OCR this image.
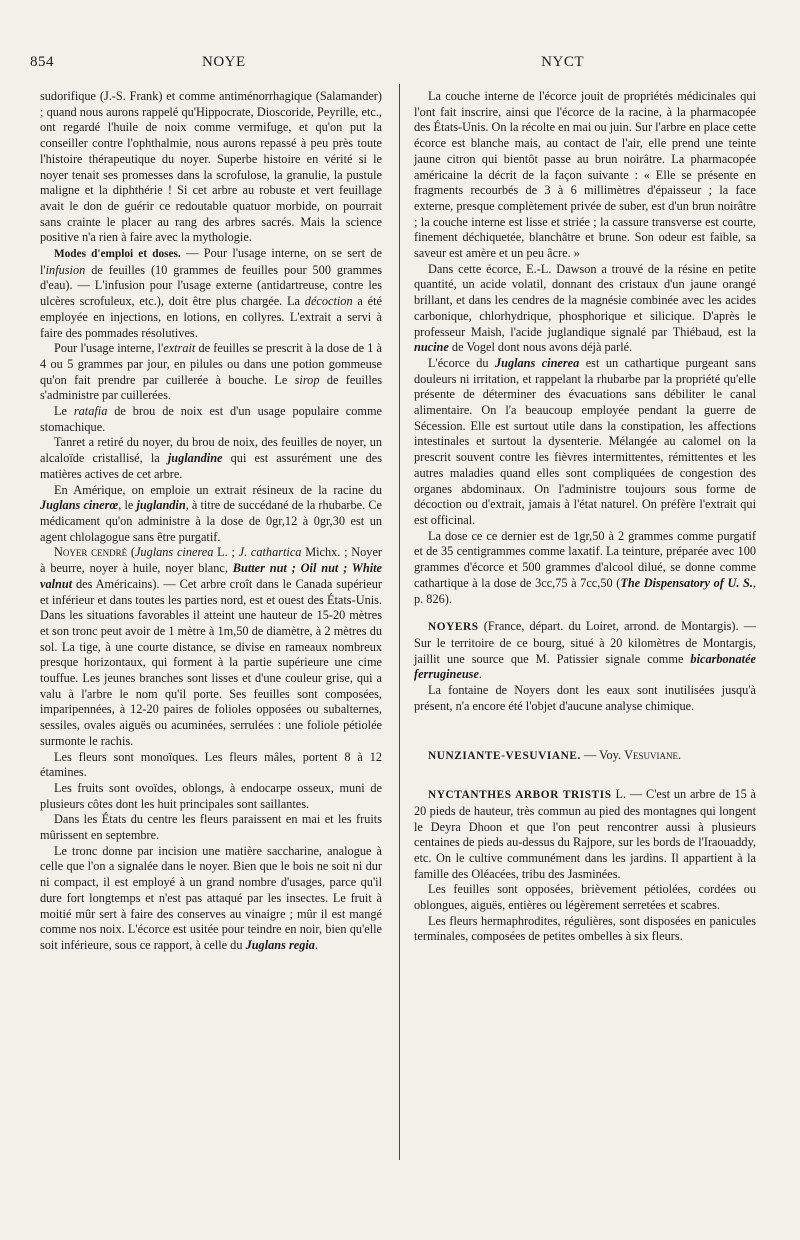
854	NOYE	NYCT

sudorifique (J.-S. Frank) et comme antiménorrhagique (Salamander) ; quand nous aurons rappelé qu'Hippocrate, Dioscoride, Peyrille, etc., ont regardé l'huile de noix comme vermifuge, et qu'on put la conseiller contre l'ophthalmie, nous aurons repassé à peu près toute l'histoire thérapeutique du noyer. Superbe histoire en vérité si le noyer tenait ses promesses dans la scrofulose, la granulie, la pustule maligne et la diphthérie ! Si cet arbre au robuste et vert feuillage avait le don de guérir ce redoutable quatuor morbide, on pourrait sans crainte le placer au rang des arbres sacrés. Mais la science positive n'a rien à faire avec la mythologie.

Modes d'emploi et doses. — Pour l'usage interne, on se sert de l'infusion de feuilles (10 grammes de feuilles pour 500 grammes d'eau). — L'infusion pour l'usage externe (antidartreuse, contre les ulcères scrofuleux, etc.), doit être plus chargée. La décoction a été employée en injections, en lotions, en collyres. L'extrait a servi à faire des pommades résolutives.

Pour l'usage interne, l'extrait de feuilles se prescrit à la dose de 1 à 4 ou 5 grammes par jour, en pilules ou dans une potion gommeuse qu'on fait prendre par cuillerée à bouche. Le sirop de feuilles s'administre par cuillerées.

Le ratafia de brou de noix est d'un usage populaire comme stomachique.

Tanret a retiré du noyer, du brou de noix, des feuilles de noyer, un alcaloïde cristallisé, la juglandine qui est assurément une des matières actives de cet arbre.

En Amérique, on emploie un extrait résineux de la racine du Juglans cinerœ, le juglandin, à titre de succédané de la rhubarbe. Ce médicament qu'on administre à la dose de 0gr,12 à 0gr,30 est un agent chlolagogue sans être purgatif.

Noyer cendré (Juglans cinerea L. ; J. cathartica Michx. ; Noyer à beurre, noyer à huile, noyer blanc, Butter nut ; Oil nut ; White valnut des Américains). — Cet arbre croît dans le Canada supérieur et inférieur et dans toutes les parties nord, est et ouest des États-Unis. Dans les situations favorables il atteint une hauteur de 15-20 mètres et son tronc peut avoir de 1 mètre à 1m,50 de diamètre, à 2 mètres du sol. La tige, à une courte distance, se divise en rameaux nombreux presque horizontaux, qui forment à la partie supérieure une cime touffue. Les jeunes branches sont lisses et d'une couleur grise, qui a valu à l'arbre le nom qu'il porte. Ses feuilles sont composées, imparipennées, à 12-20 paires de folioles opposées ou subalternes, sessiles, ovales aiguës ou acuminées, serrulées : une foliole pétiolée surmonte le rachis.

Les fleurs sont monoïques. Les fleurs mâles, portent 8 à 12 étamines.

Les fruits sont ovoïdes, oblongs, à endocarpe osseux, muni de plusieurs côtes dont les huit principales sont saillantes.

Dans les États du centre les fleurs paraissent en mai et les fruits mûrissent en septembre.

Le tronc donne par incision une matière saccharine, analogue à celle que l'on a signalée dans le noyer. Bien que le bois ne soit ni dur ni compact, il est employé à un grand nombre d'usages, parce qu'il dure fort longtemps et n'est pas attaqué par les insectes. Le fruit à moitié mûr sert à faire des conserves au vinaigre ; mûr il est mangé comme nos noix. L'écorce est usitée pour teindre en noir, bien qu'elle soit inférieure, sous ce rapport, à celle du Juglans regia.

La couche interne de l'écorce jouit de propriétés médicinales qui l'ont fait inscrire, ainsi que l'écorce de la racine, à la pharmacopée des États-Unis. On la récolte en mai ou juin. Sur l'arbre en place cette écorce est blanche mais, au contact de l'air, elle prend une teinte jaune citron qui bientôt passe au brun noirâtre. La pharmacopée américaine la décrit de la façon suivante : « Elle se présente en fragments recourbés de 3 à 6 millimètres d'épaisseur ; la face externe, presque complètement privée de suber, est d'un brun noirâtre ; la couche interne est lisse et striée ; la cassure transverse est courte, finement déchiquetée, blanchâtre et brune. Son odeur est faible, sa saveur est amère et un peu âcre. »

Dans cette écorce, E.-L. Dawson a trouvé de la résine en petite quantité, un acide volatil, donnant des cristaux d'un jaune orangé brillant, et dans les cendres de la magnésie combinée avec les acides carbonique, chlorhydrique, phosphorique et silicique. D'après le professeur Maish, l'acide juglandique signalé par Thiébaud, est la nucine de Vogel dont nous avons déjà parlé.

L'écorce du Juglans cinerea est un cathartique purgeant sans douleurs ni irritation, et rappelant la rhubarbe par la propriété qu'elle présente de déterminer des évacuations sans débiliter le canal alimentaire. On l'a beaucoup employée pendant la guerre de Sécession. Elle est surtout utile dans la constipation, les affections intestinales et surtout la dysenterie. Mélangée au calomel on la prescrit souvent contre les fièvres intermittentes, rémittentes et les autres maladies quand elles sont compliquées de congestion des organes abdominaux. On l'administre toujours sous forme de décoction ou d'extrait, jamais à l'état naturel. On préfère l'extrait qui est officinal.

La dose ce ce dernier est de 1gr,50 à 2 grammes comme purgatif et de 35 centigrammes comme laxatif. La teinture, préparée avec 100 grammes d'écorce et 500 grammes d'alcool dilué, se donne comme cathartique à la dose de 3cc,75 à 7cc,50 (The Dispensatory of U. S., p. 826).

NOYERS (France, départ. du Loiret, arrond. de Montargis). — Sur le territoire de ce bourg, situé à 20 kilomètres de Montargis, jaillit une source que M. Patissier signale comme bicarbonatée ferrugineuse.

La fontaine de Noyers dont les eaux sont inutilisées jusqu'à présent, n'a encore été l'objet d'aucune analyse chimique.

NUNZIANTE-VESUVIANE. — Voy. Vesuviane.

NYCTANTHES ARBOR TRISTIS L. — C'est un arbre de 15 à 20 pieds de hauteur, très commun au pied des montagnes qui longent le Deyra Dhoon et que l'on peut rencontrer aussi à plusieurs centaines de pieds au-dessus du Rajpore, sur les bords de l'Iraouaddy, etc. On le cultive communément dans les jardins. Il appartient à la famille des Oléacées, tribu des Jasminées.

Les feuilles sont opposées, brièvement pétiolées, cordées ou oblongues, aiguës, entières ou légèrement serretées et scabres.

Les fleurs hermaphrodites, régulières, sont disposées en panicules terminales, composées de petites ombelles à six fleurs.
